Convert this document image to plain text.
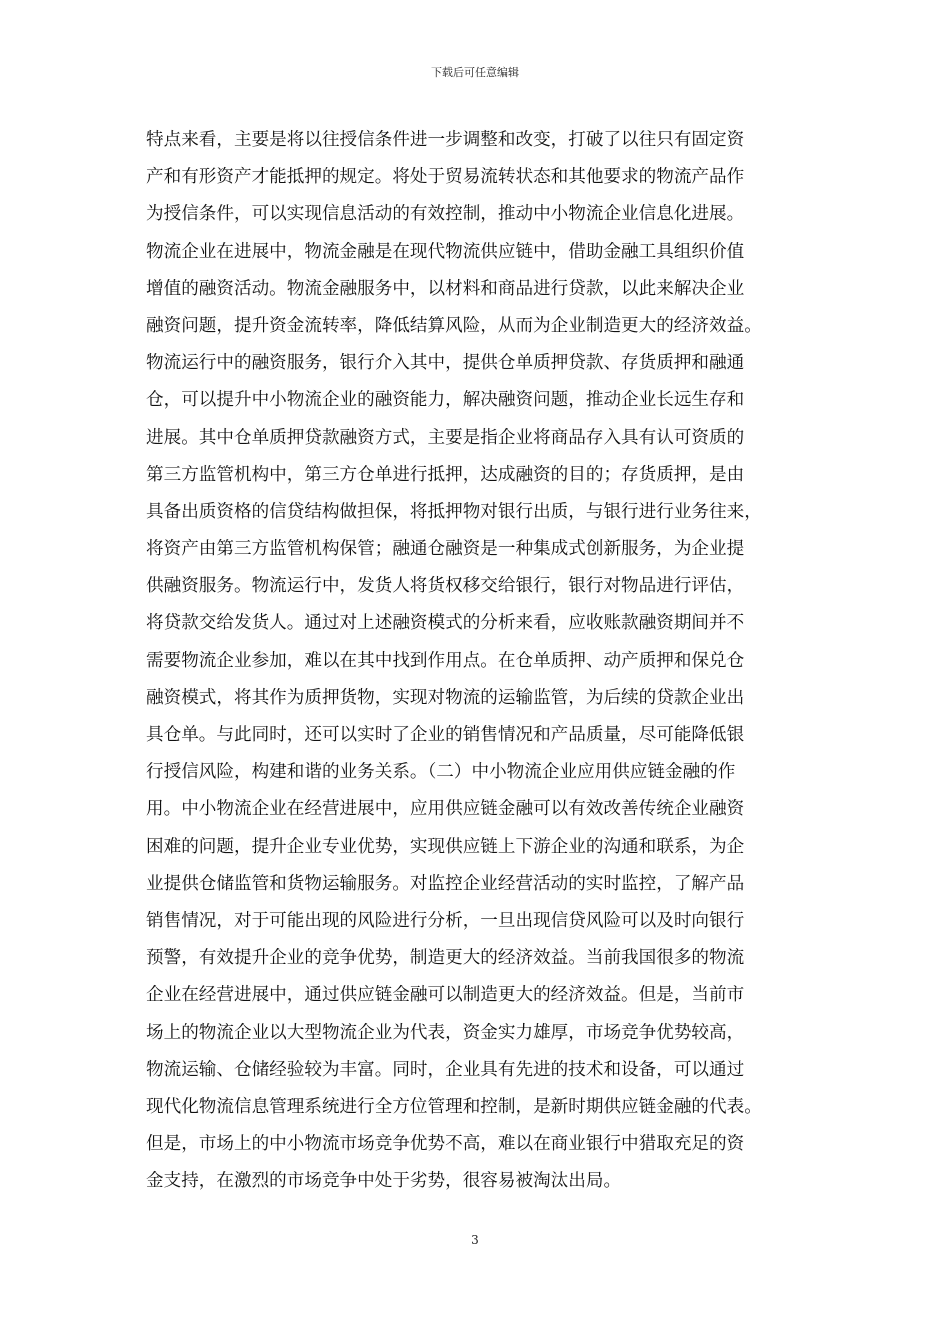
下载后可任意编辑
特点来看，主要是将以往授信条件进一步调整和改变，打破了以往只有固定资
产和有形资产才能抵押的规定。将处于贸易流转状态和其他要求的物流产品作
为授信条件，可以实现信息活动的有效控制，推动中小物流企业信息化进展。
物流企业在进展中，物流金融是在现代物流供应链中，借助金融工具组织价值
增值的融资活动。物流金融服务中，以材料和商品进行贷款，以此来解决企业
融资问题，提升资金流转率，降低结算风险，从而为企业制造更大的经济效益。
物流运行中的融资服务，银行介入其中，提供仓单质押贷款、存货质押和融通
仓，可以提升中小物流企业的融资能力，解决融资问题，推动企业长远生存和
进展。其中仓单质押贷款融资方式，主要是指企业将商品存入具有认可资质的
第三方监管机构中，第三方仓单进行抵押，达成融资的目的；存货质押，是由
具备出质资格的信贷结构做担保，将抵押物对银行出质，与银行进行业务往来，
将资产由第三方监管机构保管；融通仓融资是一种集成式创新服务，为企业提
供融资服务。物流运行中，发货人将货权移交给银行，银行对物品进行评估，
将贷款交给发货人。通过对上述融资模式的分析来看，应收账款融资期间并不
需要物流企业参加，难以在其中找到作用点。在仓单质押、动产质押和保兑仓
融资模式，将其作为质押货物，实现对物流的运输监管，为后续的贷款企业出
具仓单。与此同时，还可以实时了企业的销售情况和产品质量，尽可能降低银
行授信风险，构建和谐的业务关系。（二）中小物流企业应用供应链金融的作
用。中小物流企业在经营进展中，应用供应链金融可以有效改善传统企业融资
困难的问题，提升企业专业优势，实现供应链上下游企业的沟通和联系，为企
业提供仓储监管和货物运输服务。对监控企业经营活动的实时监控，了解产品
销售情况，对于可能出现的风险进行分析，一旦出现信贷风险可以及时向银行
预警，有效提升企业的竞争优势，制造更大的经济效益。当前我国很多的物流
企业在经营进展中，通过供应链金融可以制造更大的经济效益。但是，当前市
场上的物流企业以大型物流企业为代表，资金实力雄厚，市场竞争优势较高，
物流运输、仓储经验较为丰富。同时，企业具有先进的技术和设备，可以通过
现代化物流信息管理系统进行全方位管理和控制，是新时期供应链金融的代表。
但是，市场上的中小物流市场竞争优势不高，难以在商业银行中猎取充足的资
金支持，在激烈的市场竞争中处于劣势，很容易被淘汰出局。
3
